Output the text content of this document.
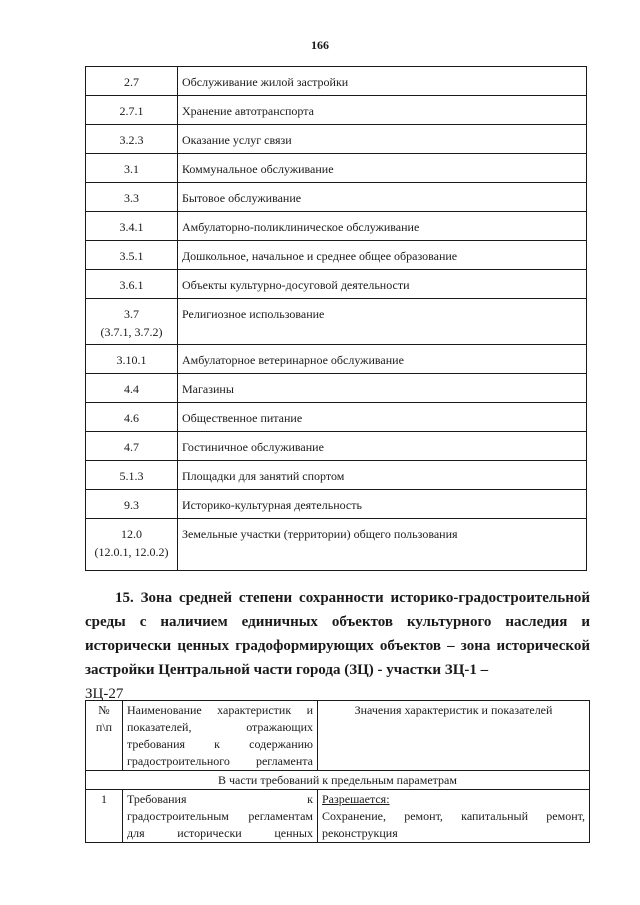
166
2.7	Обслуживание жилой застройки

2.7.1	Хранение автотранспорта

3.2.3	Оказание услуг связи

3.1	Коммунальное обслуживание

3.3	Бытовое обслуживание

3.4.1	Амбулаторно-поликлиническое обслуживание

3.5.1	Дошкольное, начальное и среднее общее образование

3.6.1	Объекты культурно-досуговой деятельности

3.7
(3.7.1, 3.7.2)	Религиозное использование

3.10.1	Амбулаторное ветеринарное обслуживание

4.4	Магазины

4.6	Общественное питание

4.7	Гостиничное обслуживание

5.1.3	Площадки для занятий спортом

9.3	Историко-культурная деятельность

12.0
(12.0.1, 12.0.2)	Земельные участки (территории) общего пользования

15. Зона средней степени сохранности историко-градостроительной среды с наличием единичных объектов культурного наследия и исторически ценных градоформирующих объектов – зона исторической застройки Центральной части города (ЗЦ) - участки ЗЦ-1 –
ЗЦ-27

№ п\п	Наименование характеристик и
показателей, отражающих
требования к содержанию
градостроительного регламента	Значения характеристик и показателей
В части требований к предельным параметрам		
1	Требования к
градостроительным регламентам
для исторически ценных	Разрешается:
Сохранение, ремонт, капитальный ремонт,
реконструкция
